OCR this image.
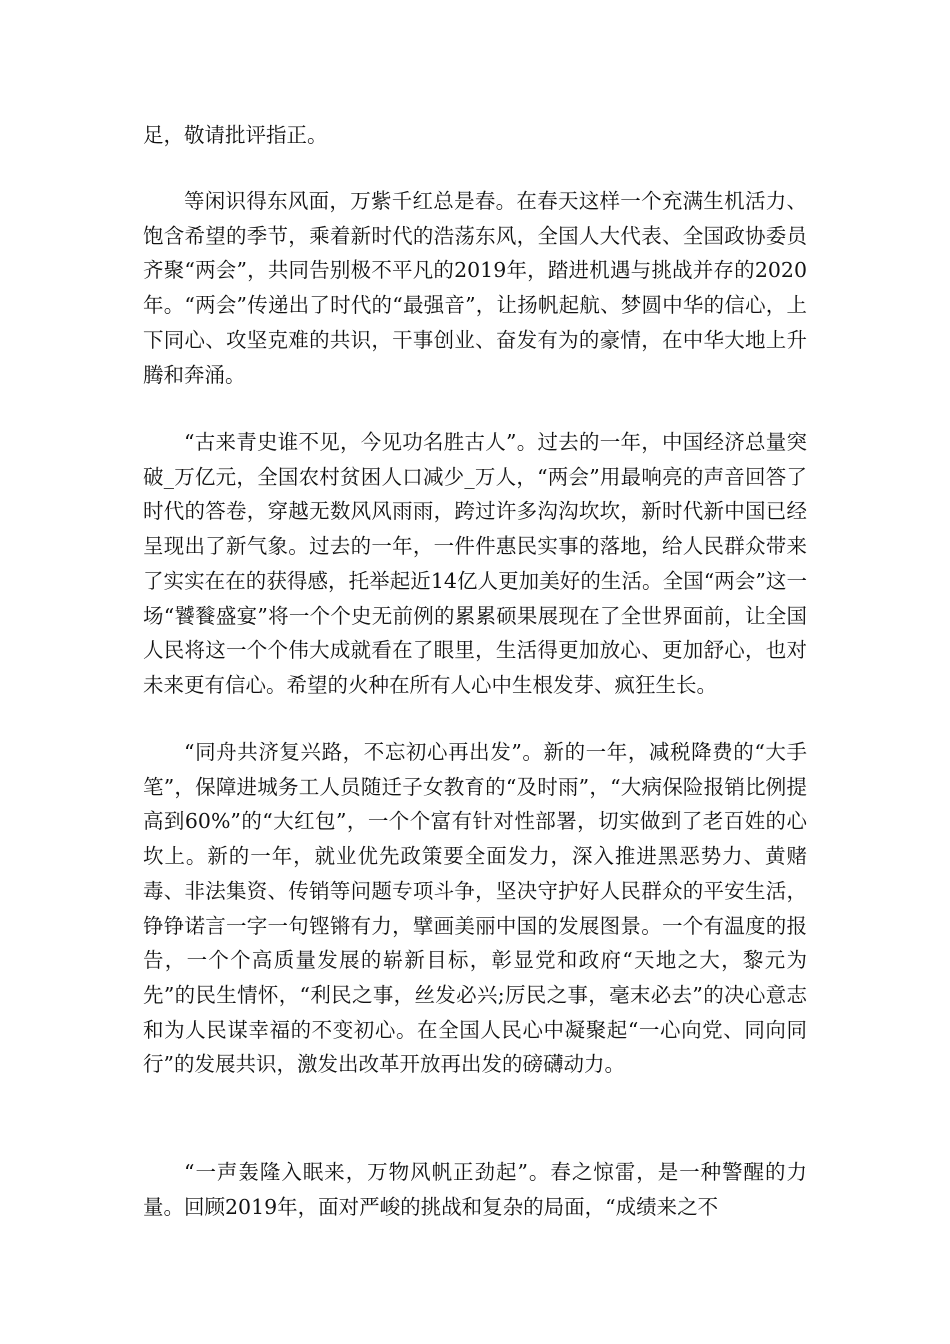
足，敬请批评指正。

等闲识得东风面，万紫千红总是春。在春天这样一个充满生机活力、饱含希望的季节，乘着新时代的浩荡东风，全国人大代表、全国政协委员齐聚“两会”，共同告别极不平凡的2019年，踏进机遇与挑战并存的2020年。“两会”传递出了时代的“最强音”，让扬帆起航、梦圆中华的信心，上下同心、攻坚克难的共识，干事创业、奋发有为的豪情，在中华大地上升腾和奔涌。

“古来青史谁不见，今见功名胜古人”。过去的一年，中国经济总量突破_万亿元，全国农村贫困人口减少_万人，“两会”用最响亮的声音回答了时代的答卷，穿越无数风风雨雨，跨过许多沟沟坎坎，新时代新中国已经呈现出了新气象。过去的一年，一件件惠民实事的落地，给人民群众带来了实实在在的获得感，托举起近14亿人更加美好的生活。全国“两会”这一场“饕餮盛宴”将一个个史无前例的累累硕果展现在了全世界面前，让全国人民将这一个个伟大成就看在了眼里，生活得更加放心、更加舒心，也对未来更有信心。希望的火种在所有人心中生根发芽、疯狂生长。

“同舟共济复兴路，不忘初心再出发”。新的一年，减税降费的“大手笔”，保障进城务工人员随迁子女教育的“及时雨”，“大病保险报销比例提高到60%”的“大红包”，一个个富有针对性部署，切实做到了老百姓的心坎上。新的一年，就业优先政策要全面发力，深入推进黑恶势力、黄赌毒、非法集资、传销等问题专项斗争，坚决守护好人民群众的平安生活，铮铮诺言一字一句铿锵有力，擘画美丽中国的发展图景。一个有温度的报告，一个个高质量发展的崭新目标，彰显党和政府“天地之大，黎元为先”的民生情怀，“利民之事，丝发必兴;厉民之事，毫末必去”的决心意志和为人民谋幸福的不变初心。在全国人民心中凝聚起“一心向党、同向同行”的发展共识，激发出改革开放再出发的磅礴动力。

“一声轰隆入眠来，万物风帆正劲起”。春之惊雷，是一种警醒的力量。回顾2019年，面对严峻的挑战和复杂的局面，“成绩来之不
